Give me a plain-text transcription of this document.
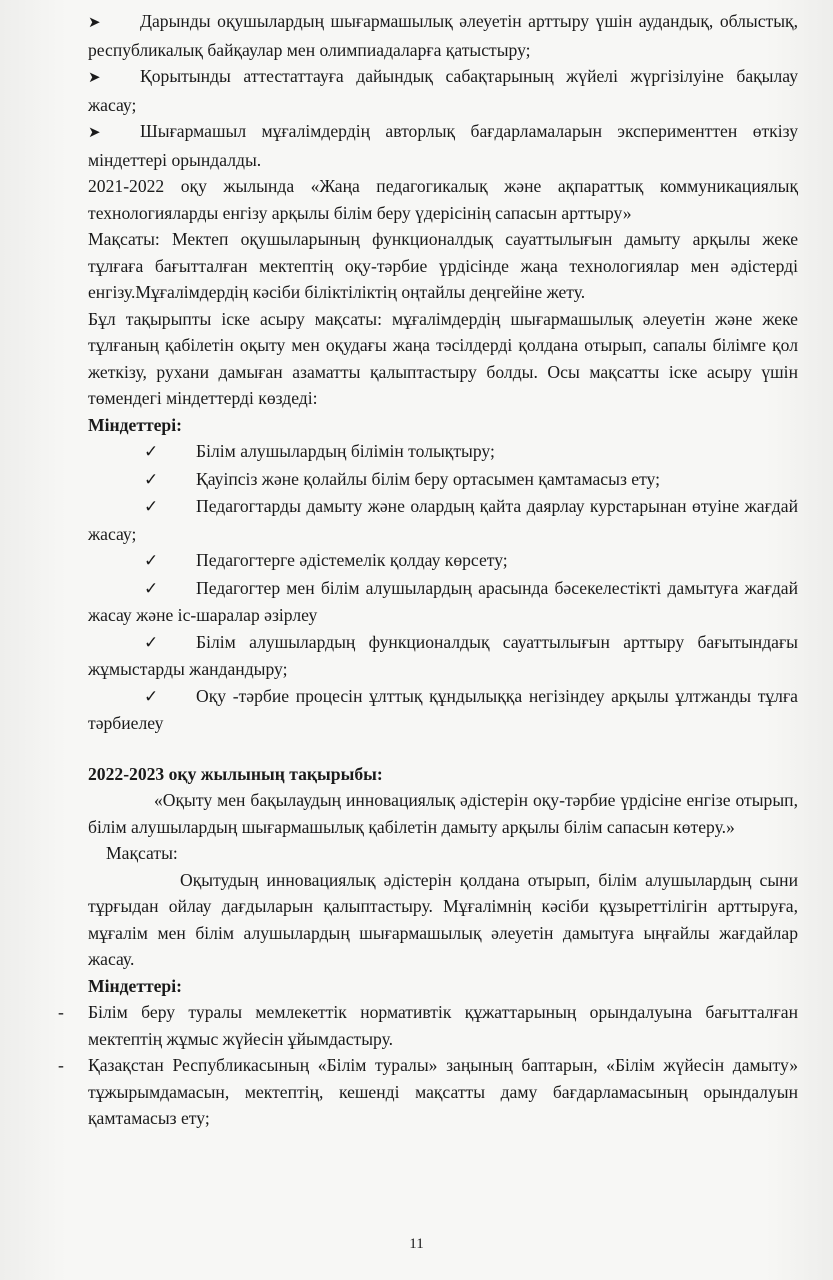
➤ Дарынды оқушылардың шығармашылық әлеуетін арттыру үшін аудандық, облыстық, республикалық байқаулар мен олимпиадаларға қатыстыру;

➤ Қорытынды аттестаттауға дайындық сабақтарының жүйелі жүргізілуіне бақылау жасау;

➤ Шығармашыл мұғалімдердің авторлық бағдарламаларын эксперименттен өткізу міндеттері орындалды.

2021-2022 оқу жылында «Жаңа педагогикалық және ақпараттық коммуникациялық технологияларды енгізу арқылы білім беру үдерісінің сапасын арттыру»

Мақсаты: Мектеп оқушыларының функционалдық сауаттылығын дамыту арқылы жеке тұлғаға бағытталған мектептің оқу-тәрбие үрдісінде жаңа технологиялар мен әдістерді енгізу.Мұғалімдердің кәсіби біліктіліктің оңтайлы деңгейіне жету.

Бұл тақырыпты іске асыру мақсаты: мұғалімдердің шығармашылық әлеуетін және жеке тұлғаның қабілетін оқыту мен оқудағы жаңа тәсілдерді қолдана отырып, сапалы білімге қол жеткізу, рухани дамыған азаматты қалыптастыру болды. Осы мақсатты іске асыру үшін төмендегі міндеттерді көздеді:

Міндеттері:

✓ Білім алушылардың білімін толықтыру;

✓ Қауіпсіз және қолайлы білім беру ортасымен қамтамасыз ету;

✓ Педагогтарды дамыту және олардың қайта даярлау курстарынан өтуіне жағдай жасау;

✓ Педагогтерге әдістемелік қолдау көрсету;

✓ Педагогтер мен білім алушылардың арасында бәсекелестікті дамытуға жағдай жасау және іс-шаралар әзірлеу

✓ Білім алушылардың функционалдық сауаттылығын арттыру бағытындағы жұмыстарды жандандыру;

✓ Оқу -тәрбие процесін ұлттық құндылыққа негізіндеу арқылы ұлтжанды тұлға тәрбиелеу

2022-2023 оқу жылының тақырыбы:

«Оқыту мен бақылаудың инновациялық әдістерін оқу-тәрбие үрдісіне енгізе отырып, білім алушылардың шығармашылық қабілетін дамыту арқылы білім сапасын көтеру.»

Мақсаты:

Оқытудың инновациялық әдістерін қолдана отырып, білім алушылардың сыни тұрғыдан ойлау дағдыларын қалыптастыру. Мұғалімнің кәсіби құзыреттілігін арттыруға, мұғалім мен білім алушылардың шығармашылық әлеуетін дамытуға ыңғайлы жағдайлар жасау.

Міндеттері:

- Білім беру туралы мемлекеттік нормативтік құжаттарының орындалуына бағытталған мектептің жұмыс жүйесін ұйымдастыру.

- Қазақстан Республикасының «Білім туралы» заңының баптарын, «Білім жүйесін дамыту» тұжырымдамасын, мектептің, кешенді мақсатты даму бағдарламасының орындалуын қамтамасыз ету;

11
